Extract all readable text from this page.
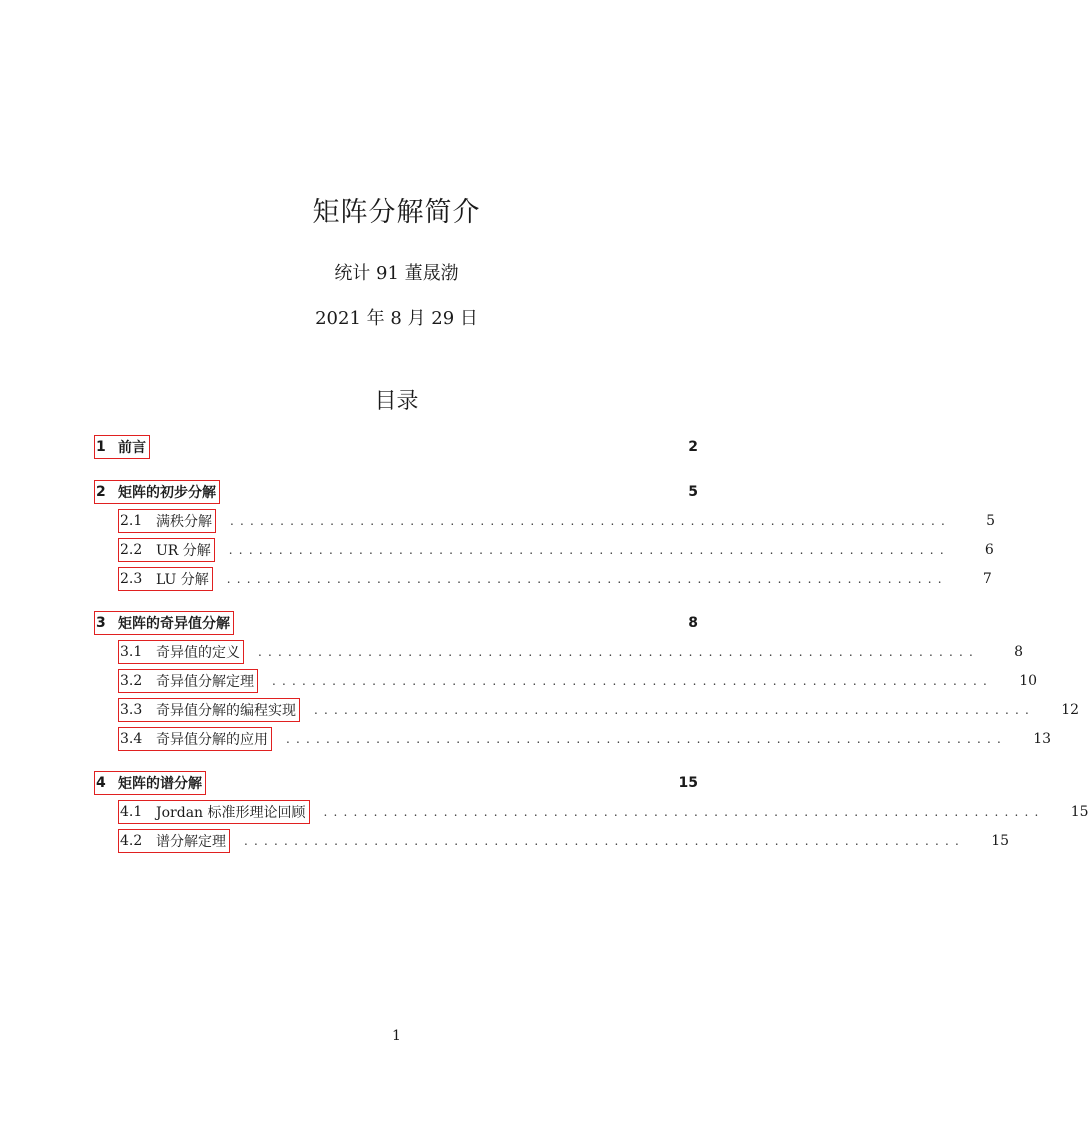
矩阵分解简介
统计 91 董晟渤
2021 年 8 月 29 日
目录
1 前言	2
2 矩阵的初步分解	5
2.1 满秩分解	........................................................................	5
2.2 UR 分解	........................................................................	6
2.3 LU 分解	........................................................................	7
3 矩阵的奇异值分解	8
3.1 奇异值的定义	........................................................................	8
3.2 奇异值分解定理	........................................................................ 10
3.3 奇异值分解的编程实现	........................................................................ 12
3.4 奇异值分解的应用	........................................................................ 13
4 矩阵的谱分解	15
4.1 Jordan 标准形理论回顾	........................................................................ 15
4.2 谱分解定理	........................................................................ 15
1
